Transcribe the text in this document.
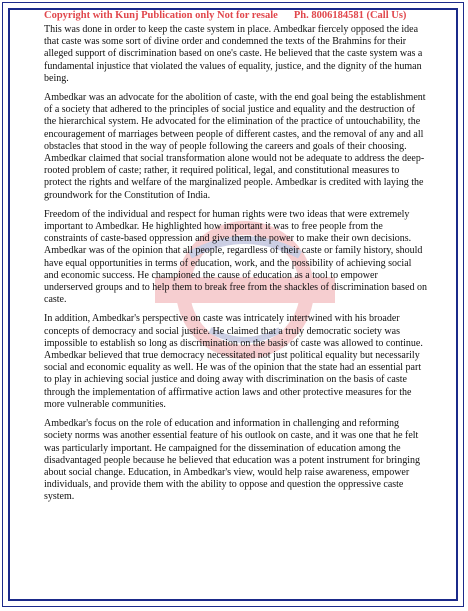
Copyright with Kunj Publication only Not for resale Ph. 8006184581 (Call Us)

This was done in order to keep the caste system in place. Ambedkar fiercely opposed the idea that caste was some sort of divine order and condemned the texts of the Brahmins for their alleged support of discrimination based on one's caste. He believed that the caste system was a fundamental injustice that violated the values of equality, justice, and the dignity of the human being.

Ambedkar was an advocate for the abolition of caste, with the end goal being the establishment of a society that adhered to the principles of social justice and equality and the destruction of the hierarchical system. He advocated for the elimination of the practice of untouchability, the encouragement of marriages between people of different castes, and the removal of any and all obstacles that stood in the way of people following the careers and goals of their choosing. Ambedkar claimed that social transformation alone would not be adequate to address the deep-rooted problem of caste; rather, it required political, legal, and constitutional measures to protect the rights and welfare of the marginalized people. Ambedkar is credited with laying the groundwork for the Constitution of India.

Freedom of the individual and respect for human rights were two ideas that were extremely important to Ambedkar. He highlighted how important it was to free people from the constraints of caste-based oppression and give them the power to make their own decisions. Ambedkar was of the opinion that all people, regardless of their caste or family history, should have equal opportunities in terms of education, work, and the possibility of achieving social and economic success. He championed the cause of education as a tool to empower underserved groups and to help them to break free from the shackles of discrimination based on caste.

In addition, Ambedkar's perspective on caste was intricately intertwined with his broader concepts of democracy and social justice. He claimed that a truly democratic society was impossible to establish so long as discrimination on the basis of caste was allowed to continue. Ambedkar believed that true democracy necessitated not just political equality but necessarily social and economic equality as well. He was of the opinion that the state had an essential part to play in achieving social justice and doing away with discrimination on the basis of caste through the implementation of affirmative action laws and other protective measures for the more vulnerable communities.

Ambedkar's focus on the role of education and information in challenging and reforming society norms was another essential feature of his outlook on caste, and it was one that he felt was particularly important. He campaigned for the dissemination of education among the disadvantaged people because he believed that education was a potent instrument for bringing about social change. Education, in Ambedkar's view, would help raise awareness, empower individuals, and provide them with the ability to oppose and question the oppressive caste system.
